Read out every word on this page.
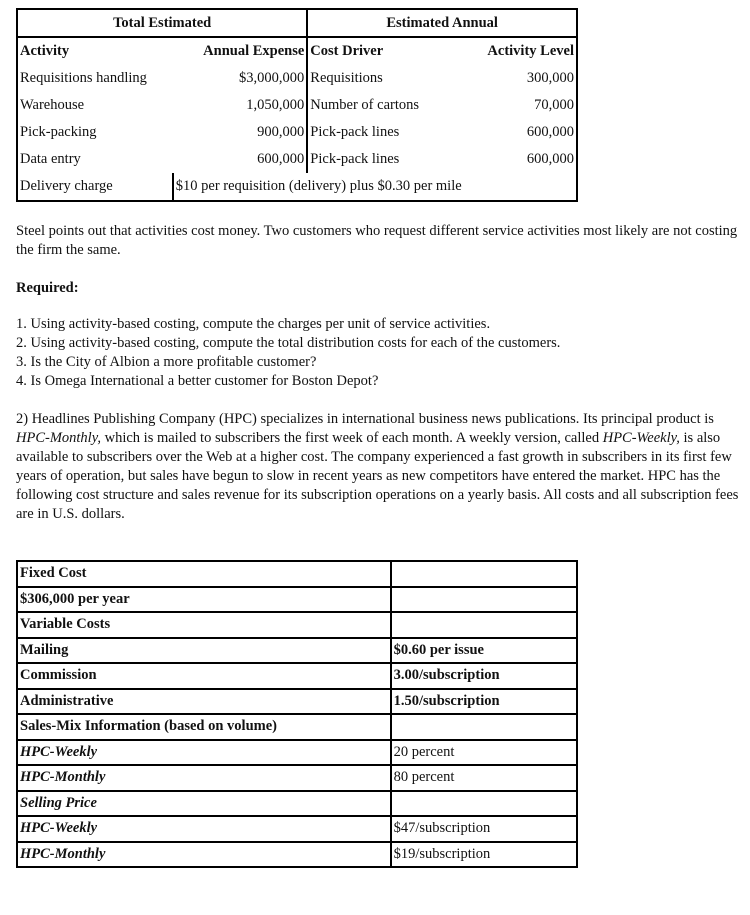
Total Estimated		Estimated Annual	
Activity	Annual Expense	Cost Driver	Activity Level
Requisitions handling	$3,000,000	Requisitions	300,000
Warehouse	1,050,000	Number of cartons	70,000
Pick-packing	900,000	Pick-pack lines	600,000
Data entry	600,000	Pick-pack lines	600,000
Delivery charge	$10 per requisition (delivery) plus $0.30 per mile		

Steel points out that activities cost money. Two customers who request different service activities most likely are not costing the firm the same.

Required:

1. Using activity-based costing, compute the charges per unit of service activities.
2. Using activity-based costing, compute the total distribution costs for each of the customers.
3. Is the City of Albion a more profitable customer?
4. Is Omega International a better customer for Boston Depot?

2) Headlines Publishing Company (HPC) specializes in international business news publications. Its principal product is HPC-Monthly, which is mailed to subscribers the first week of each month. A weekly version, called HPC-Weekly, is also available to subscribers over the Web at a higher cost. The company experienced a fast growth in subscribers in its first few years of operation, but sales have begun to slow in recent years as new competitors have entered the market. HPC has the following cost structure and sales revenue for its subscription operations on a yearly basis. All costs and all subscription fees are in U.S. dollars.

Fixed Cost	
$306,000 per year	
Variable Costs	
Mailing	$0.60 per issue
Commission	3.00/subscription
Administrative	1.50/subscription
Sales-Mix Information (based on volume)	
HPC-Weekly	20 percent
HPC-Monthly	80 percent
Selling Price	
HPC-Weekly	$47/subscription
HPC-Monthly	$19/subscription
